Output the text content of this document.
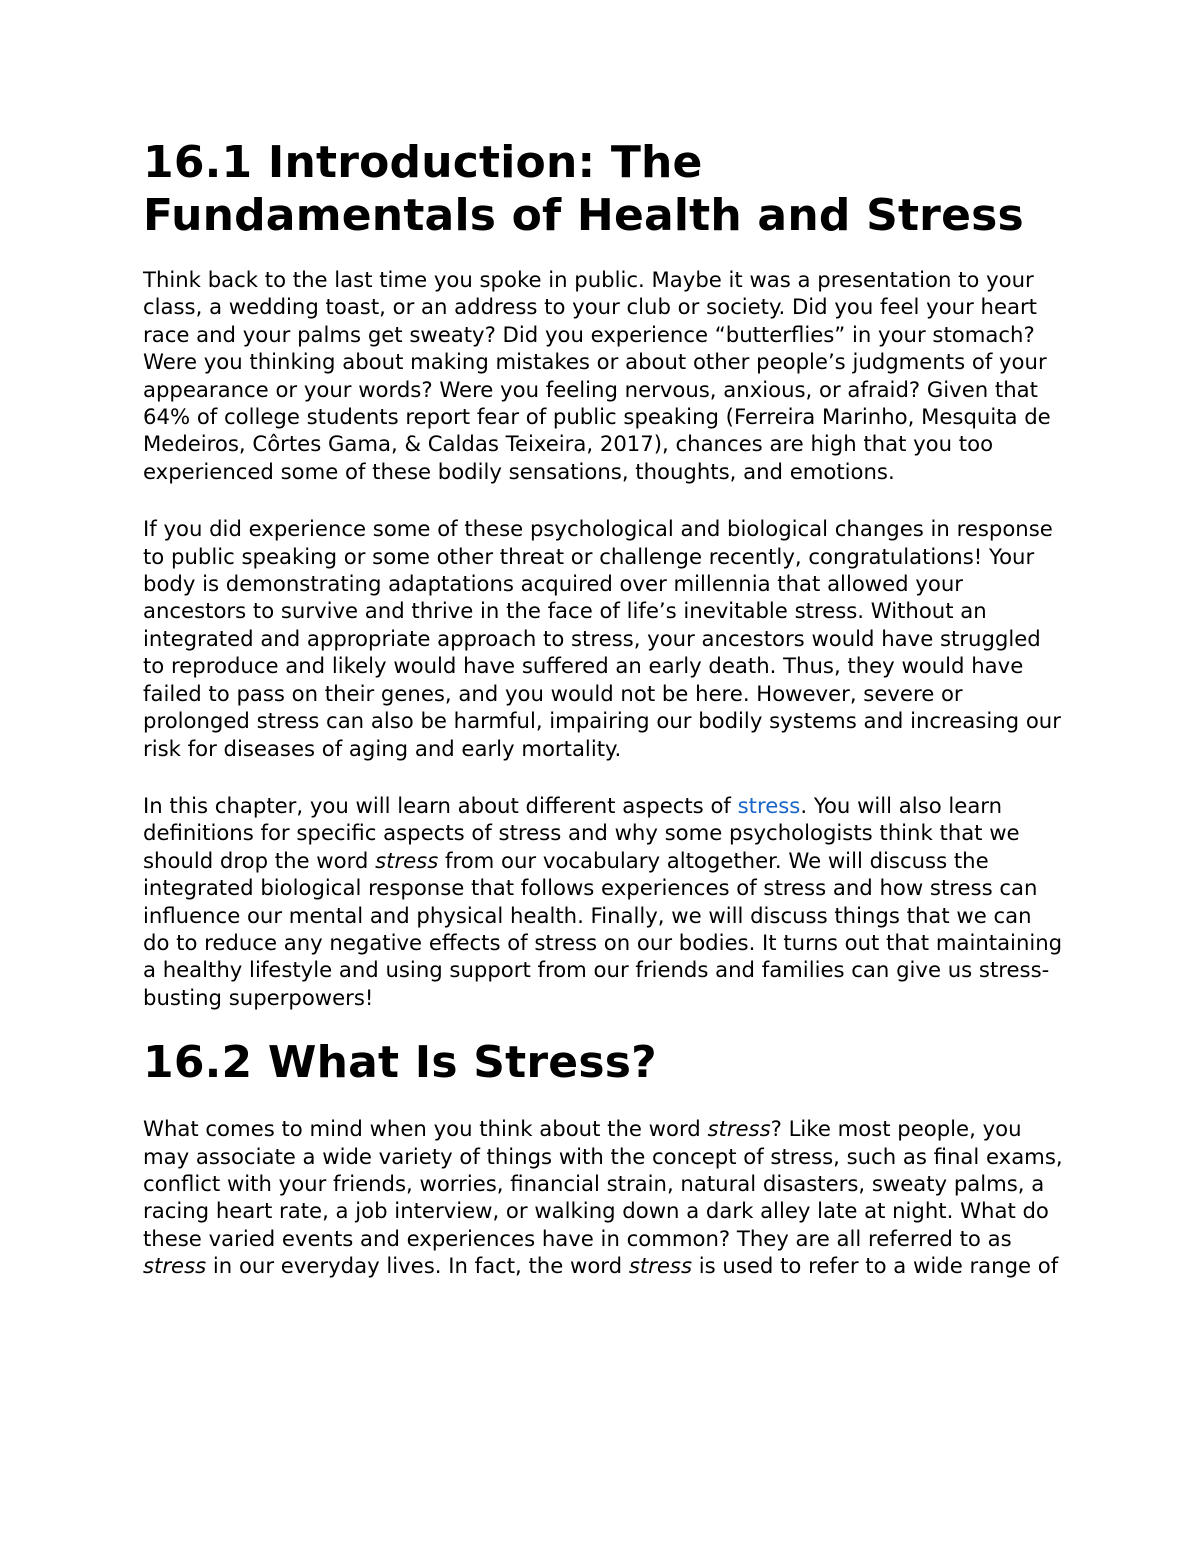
16.1 Introduction: The
Fundamentals of Health and Stress

Think back to the last time you spoke in public. Maybe it was a presentation to your class, a wedding toast, or an address to your club or society. Did you feel your heart race and your palms get sweaty? Did you experience “butterflies” in your stomach? Were you thinking about making mistakes or about other people’s judgments of your appearance or your words? Were you feeling nervous, anxious, or afraid? Given that 64% of college students report fear of public speaking (Ferreira Marinho, Mesquita de Medeiros, Côrtes Gama, & Caldas Teixeira, 2017), chances are high that you too experienced some of these bodily sensations, thoughts, and emotions.

If you did experience some of these psychological and biological changes in response to public speaking or some other threat or challenge recently, congratulations! Your body is demonstrating adaptations acquired over millennia that allowed your ancestors to survive and thrive in the face of life’s inevitable stress. Without an integrated and appropriate approach to stress, your ancestors would have struggled to reproduce and likely would have suffered an early death. Thus, they would have failed to pass on their genes, and you would not be here. However, severe or prolonged stress can also be harmful, impairing our bodily systems and increasing our risk for diseases of aging and early mortality.

In this chapter, you will learn about different aspects of stress. You will also learn definitions for specific aspects of stress and why some psychologists think that we should drop the word stress from our vocabulary altogether. We will discuss the integrated biological response that follows experiences of stress and how stress can influence our mental and physical health. Finally, we will discuss things that we can do to reduce any negative effects of stress on our bodies. It turns out that maintaining a healthy lifestyle and using support from our friends and families can give us stress-busting superpowers!

16.2 What Is Stress?

What comes to mind when you think about the word stress? Like most people, you may associate a wide variety of things with the concept of stress, such as final exams, conflict with your friends, worries, financial strain, natural disasters, sweaty palms, a racing heart rate, a job interview, or walking down a dark alley late at night. What do these varied events and experiences have in common? They are all referred to as stress in our everyday lives. In fact, the word stress is used to refer to a wide range of
